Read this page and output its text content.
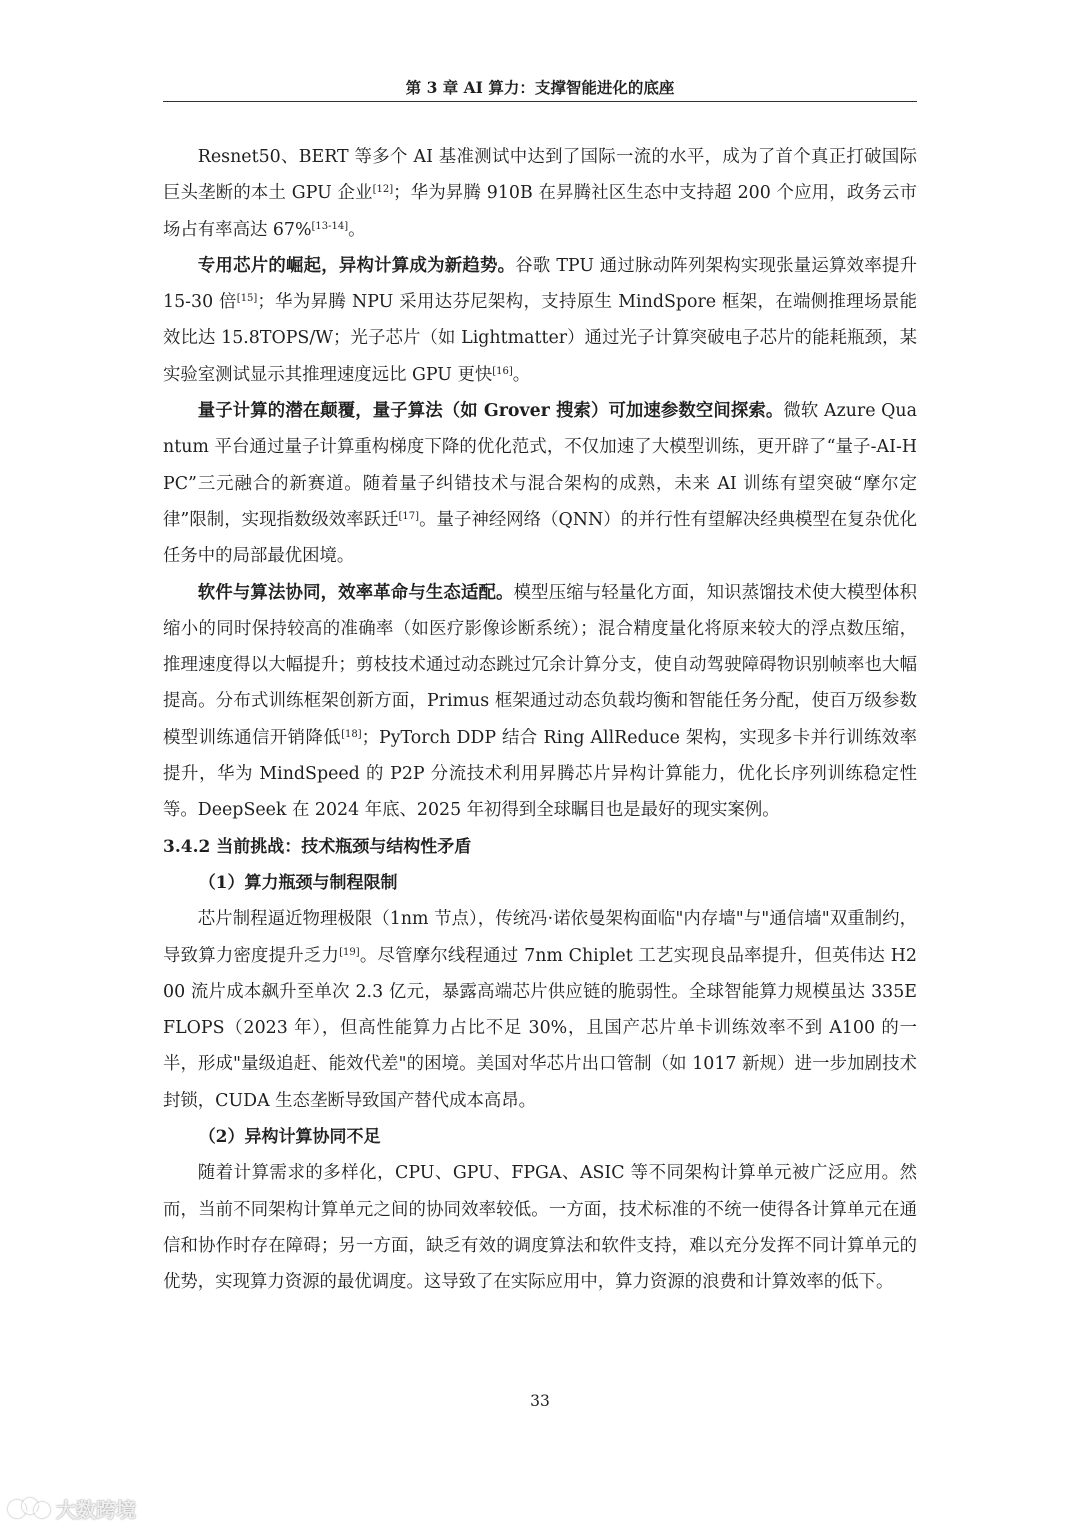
第 3 章 AI 算力：支撑智能进化的底座

Resnet50、BERT 等多个 AI 基准测试中达到了国际一流的水平，成为了首个真正打破国际巨头垄断的本土 GPU 企业[12]；华为昇腾 910B 在昇腾社区生态中支持超 200 个应用，政务云市场占有率高达 67%[13-14]。

专用芯片的崛起，异构计算成为新趋势。谷歌 TPU 通过脉动阵列架构实现张量运算效率提升 15-30 倍[15]；华为昇腾 NPU 采用达芬尼架构，支持原生 MindSpore 框架，在端侧推理场景能效比达 15.8TOPS/W；光子芯片（如 Lightmatter）通过光子计算突破电子芯片的能耗瓶颈，某实验室测试显示其推理速度远比 GPU 更快[16]。

量子计算的潜在颠覆，量子算法（如 Grover 搜索）可加速参数空间探索。微软 Azure Quantum 平台通过量子计算重构梯度下降的优化范式，不仅加速了大模型训练，更开辟了“量子-AI-HPC”三元融合的新赛道。随着量子纠错技术与混合架构的成熟，未来 AI 训练有望突破“摩尔定律”限制，实现指数级效率跃迁[17]。量子神经网络（QNN）的并行性有望解决经典模型在复杂优化任务中的局部最优困境。

软件与算法协同，效率革命与生态适配。模型压缩与轻量化方面，知识蒸馏技术使大模型体积缩小的同时保持较高的准确率（如医疗影像诊断系统）；混合精度量化将原来较大的浮点数压缩，推理速度得以大幅提升；剪枝技术通过动态跳过冗余计算分支，使自动驾驶障碍物识别帧率也大幅提高。分布式训练框架创新方面，Primus 框架通过动态负载均衡和智能任务分配，使百万级参数模型训练通信开销降低[18]；PyTorch DDP 结合 Ring AllReduce 架构，实现多卡并行训练效率提升，华为 MindSpeed 的 P2P 分流技术利用昇腾芯片异构计算能力，优化长序列训练稳定性等。DeepSeek 在 2024 年底、2025 年初得到全球瞩目也是最好的现实案例。

3.4.2 当前挑战：技术瓶颈与结构性矛盾

（1）算力瓶颈与制程限制

芯片制程逼近物理极限（1nm 节点），传统冯·诺依曼架构面临"内存墙"与"通信墙"双重制约，导致算力密度提升乏力[19]。尽管摩尔线程通过 7nm Chiplet 工艺实现良品率提升，但英伟达 H200 流片成本飙升至单次 2.3 亿元，暴露高端芯片供应链的脆弱性。全球智能算力规模虽达 335EFLOPS（2023 年），但高性能算力占比不足 30%，且国产芯片单卡训练效率不到 A100 的一半，形成"量级追赶、能效代差"的困境。美国对华芯片出口管制（如 1017 新规）进一步加剧技术封锁，CUDA 生态垄断导致国产替代成本高昂。

（2）异构计算协同不足

随着计算需求的多样化，CPU、GPU、FPGA、ASIC 等不同架构计算单元被广泛应用。然而，当前不同架构计算单元之间的协同效率较低。一方面，技术标准的不统一使得各计算单元在通信和协作时存在障碍；另一方面，缺乏有效的调度算法和软件支持，难以充分发挥不同计算单元的优势，实现算力资源的最优调度。这导致了在实际应用中，算力资源的浪费和计算效率的低下。

33
大数跨境
